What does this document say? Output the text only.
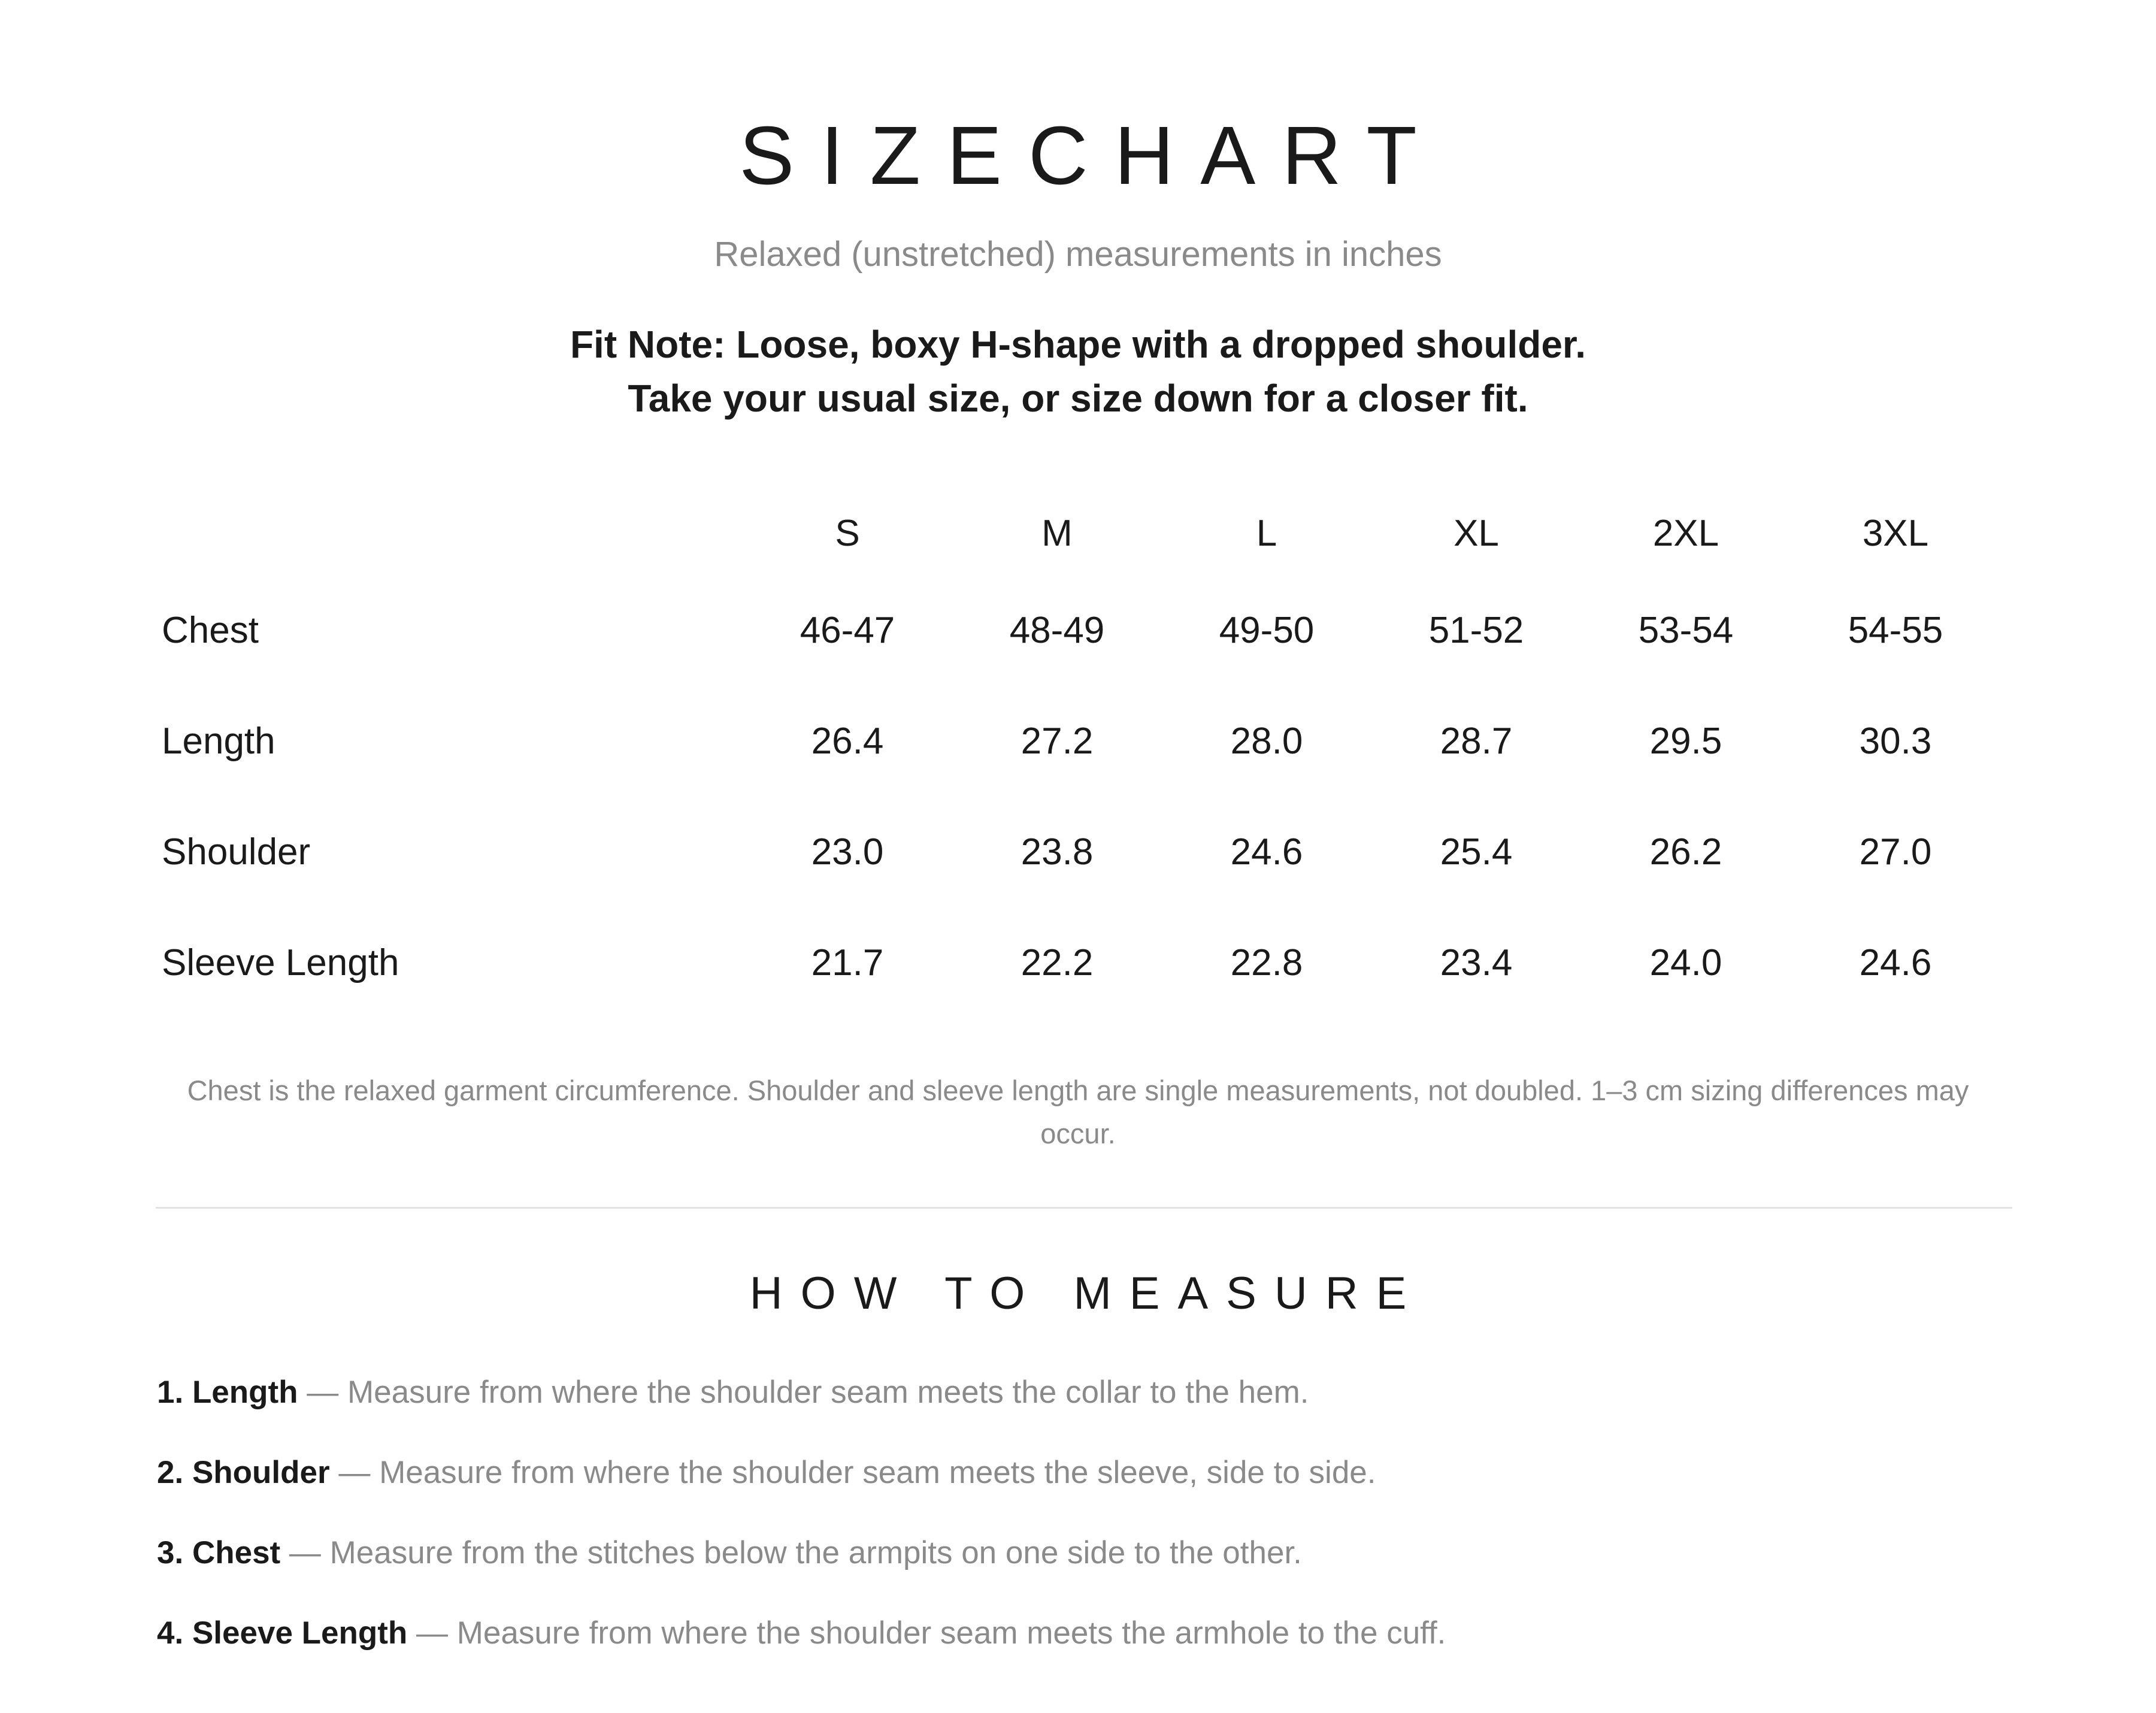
SIZECHART
Relaxed (unstretched) measurements in inches
Fit Note: Loose, boxy H-shape with a dropped shoulder.
Take your usual size, or size down for a closer fit.
	S	M	L	XL	2XL	3XL
Chest	46-47	48-49	49-50	51-52	53-54	54-55
Length	26.4	27.2	28.0	28.7	29.5	30.3
Shoulder	23.0	23.8	24.6	25.4	26.2	27.0
Sleeve Length	21.7	22.2	22.8	23.4	24.0	24.6

Chest is the relaxed garment circumference. Shoulder and sleeve length are single measurements, not doubled. 1–3 cm sizing differences may occur.

HOW TO MEASURE
1. Length — Measure from where the shoulder seam meets the collar to the hem.
2. Shoulder — Measure from where the shoulder seam meets the sleeve, side to side.
3. Chest — Measure from the stitches below the armpits on one side to the other.
4. Sleeve Length — Measure from where the shoulder seam meets the armhole to the cuff.
